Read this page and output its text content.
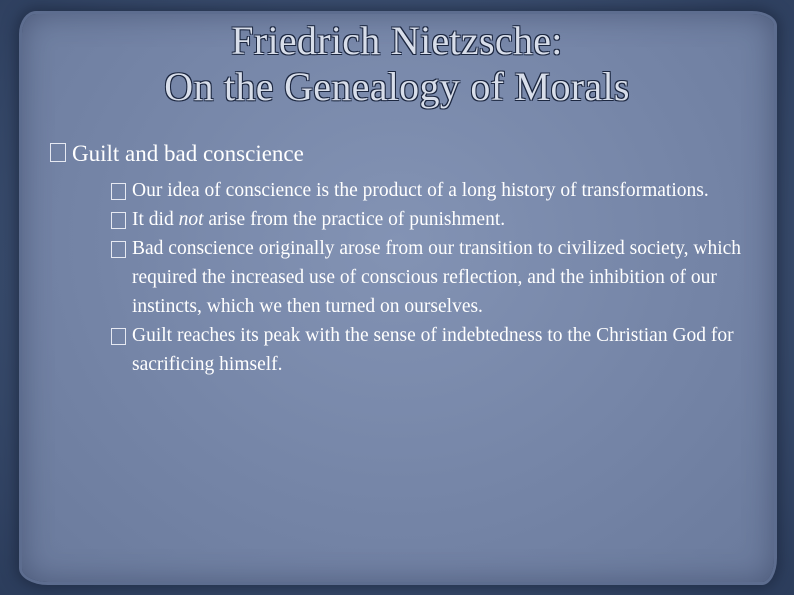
Friedrich Nietzsche:
On the Genealogy of Morals
Guilt and bad conscience
Our idea of conscience is the product of a long history of transformations.
It did not arise from the practice of punishment.
Bad conscience originally arose from our transition to civilized society, which required the increased use of conscious reflection, and the inhibition of our instincts, which we then turned on ourselves.
Guilt reaches its peak with the sense of indebtedness to the Christian God for sacrificing himself.
